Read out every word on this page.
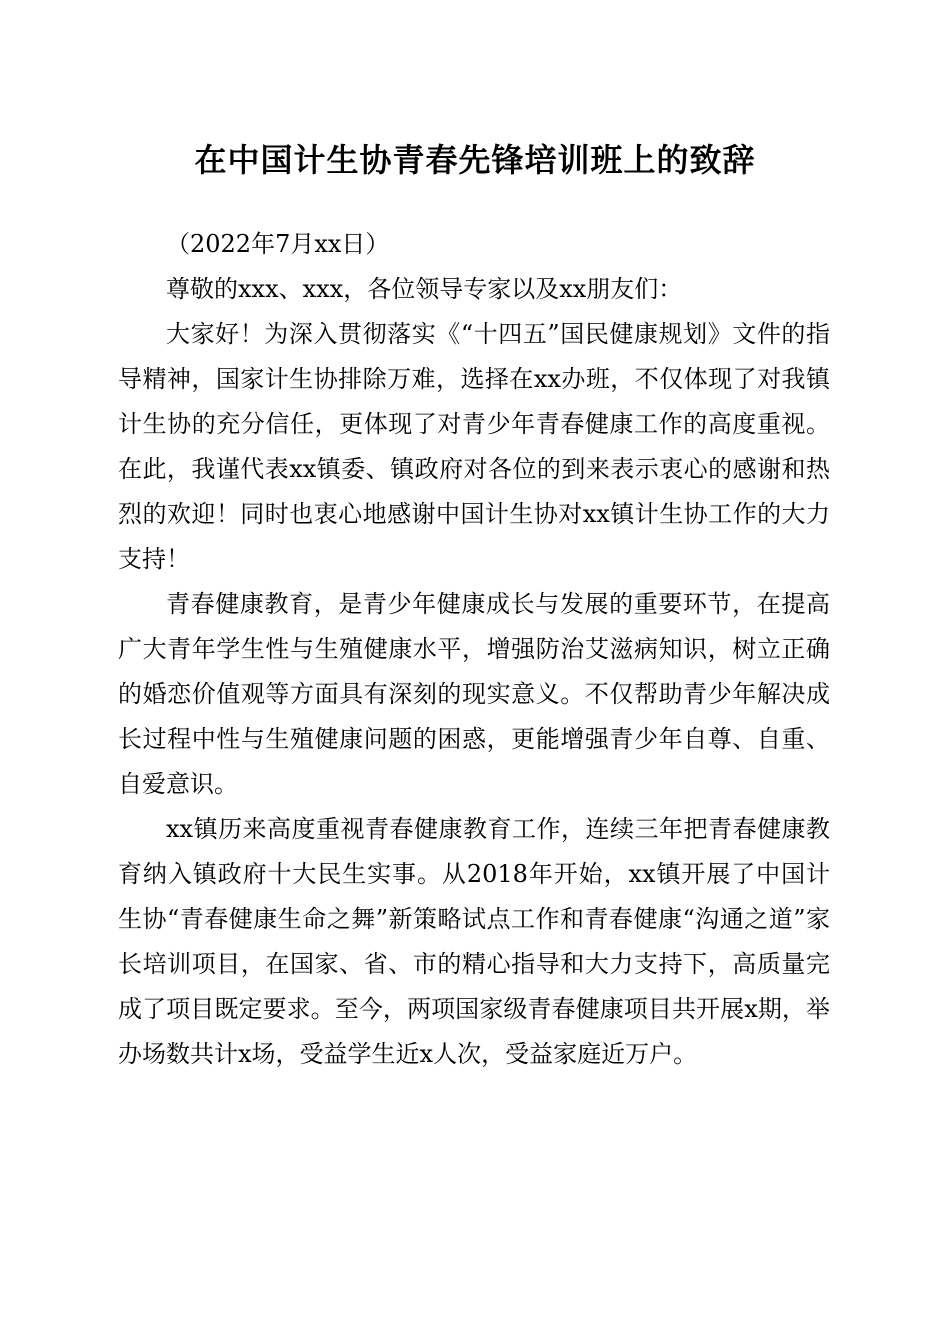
在中国计生协青春先锋培训班上的致辞

（2022年7月xx日）

尊敬的xxx、xxx，各位领导专家以及xx朋友们：

大家好！为深入贯彻落实《“十四五”国民健康规划》文件的指导精神，国家计生协排除万难，选择在xx办班，不仅体现了对我镇计生协的充分信任，更体现了对青少年青春健康工作的高度重视。在此，我谨代表xx镇委、镇政府对各位的到来表示衷心的感谢和热烈的欢迎！同时也衷心地感谢中国计生协对xx镇计生协工作的大力支持！

青春健康教育，是青少年健康成长与发展的重要环节，在提高广大青年学生性与生殖健康水平，增强防治艾滋病知识，树立正确的婚恋价值观等方面具有深刻的现实意义。不仅帮助青少年解决成长过程中性与生殖健康问题的困惑，更能增强青少年自尊、自重、自爱意识。

xx镇历来高度重视青春健康教育工作，连续三年把青春健康教育纳入镇政府十大民生实事。从2018年开始，xx镇开展了中国计生协“青春健康生命之舞”新策略试点工作和青春健康“沟通之道”家长培训项目，在国家、省、市的精心指导和大力支持下，高质量完成了项目既定要求。至今，两项国家级青春健康项目共开展x期，举办场数共计x场，受益学生近x人次，受益家庭近万户。
